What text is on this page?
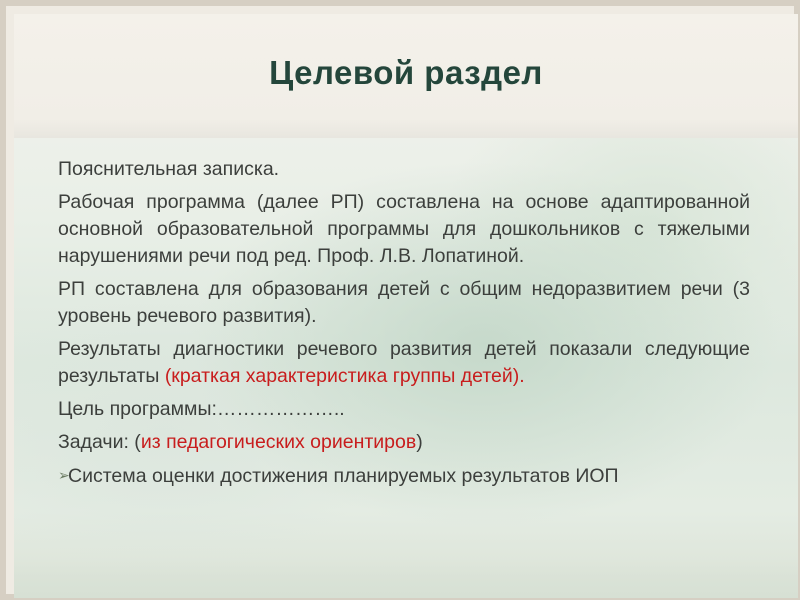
Целевой раздел

Пояснительная записка.

Рабочая программа (далее РП) составлена на основе адаптированной основной образовательной программы для дошкольников с тяжелыми нарушениями речи под ред. Проф. Л.В. Лопатиной.

РП составлена для образования детей с общим недоразвитием речи (3 уровень речевого развития).

Результаты диагностики речевого развития детей показали следующие результаты (краткая характеристика группы детей).

Цель программы:………………..

Задачи: (из педагогических ориентиров)

➢Система оценки достижения планируемых результатов ИОП
